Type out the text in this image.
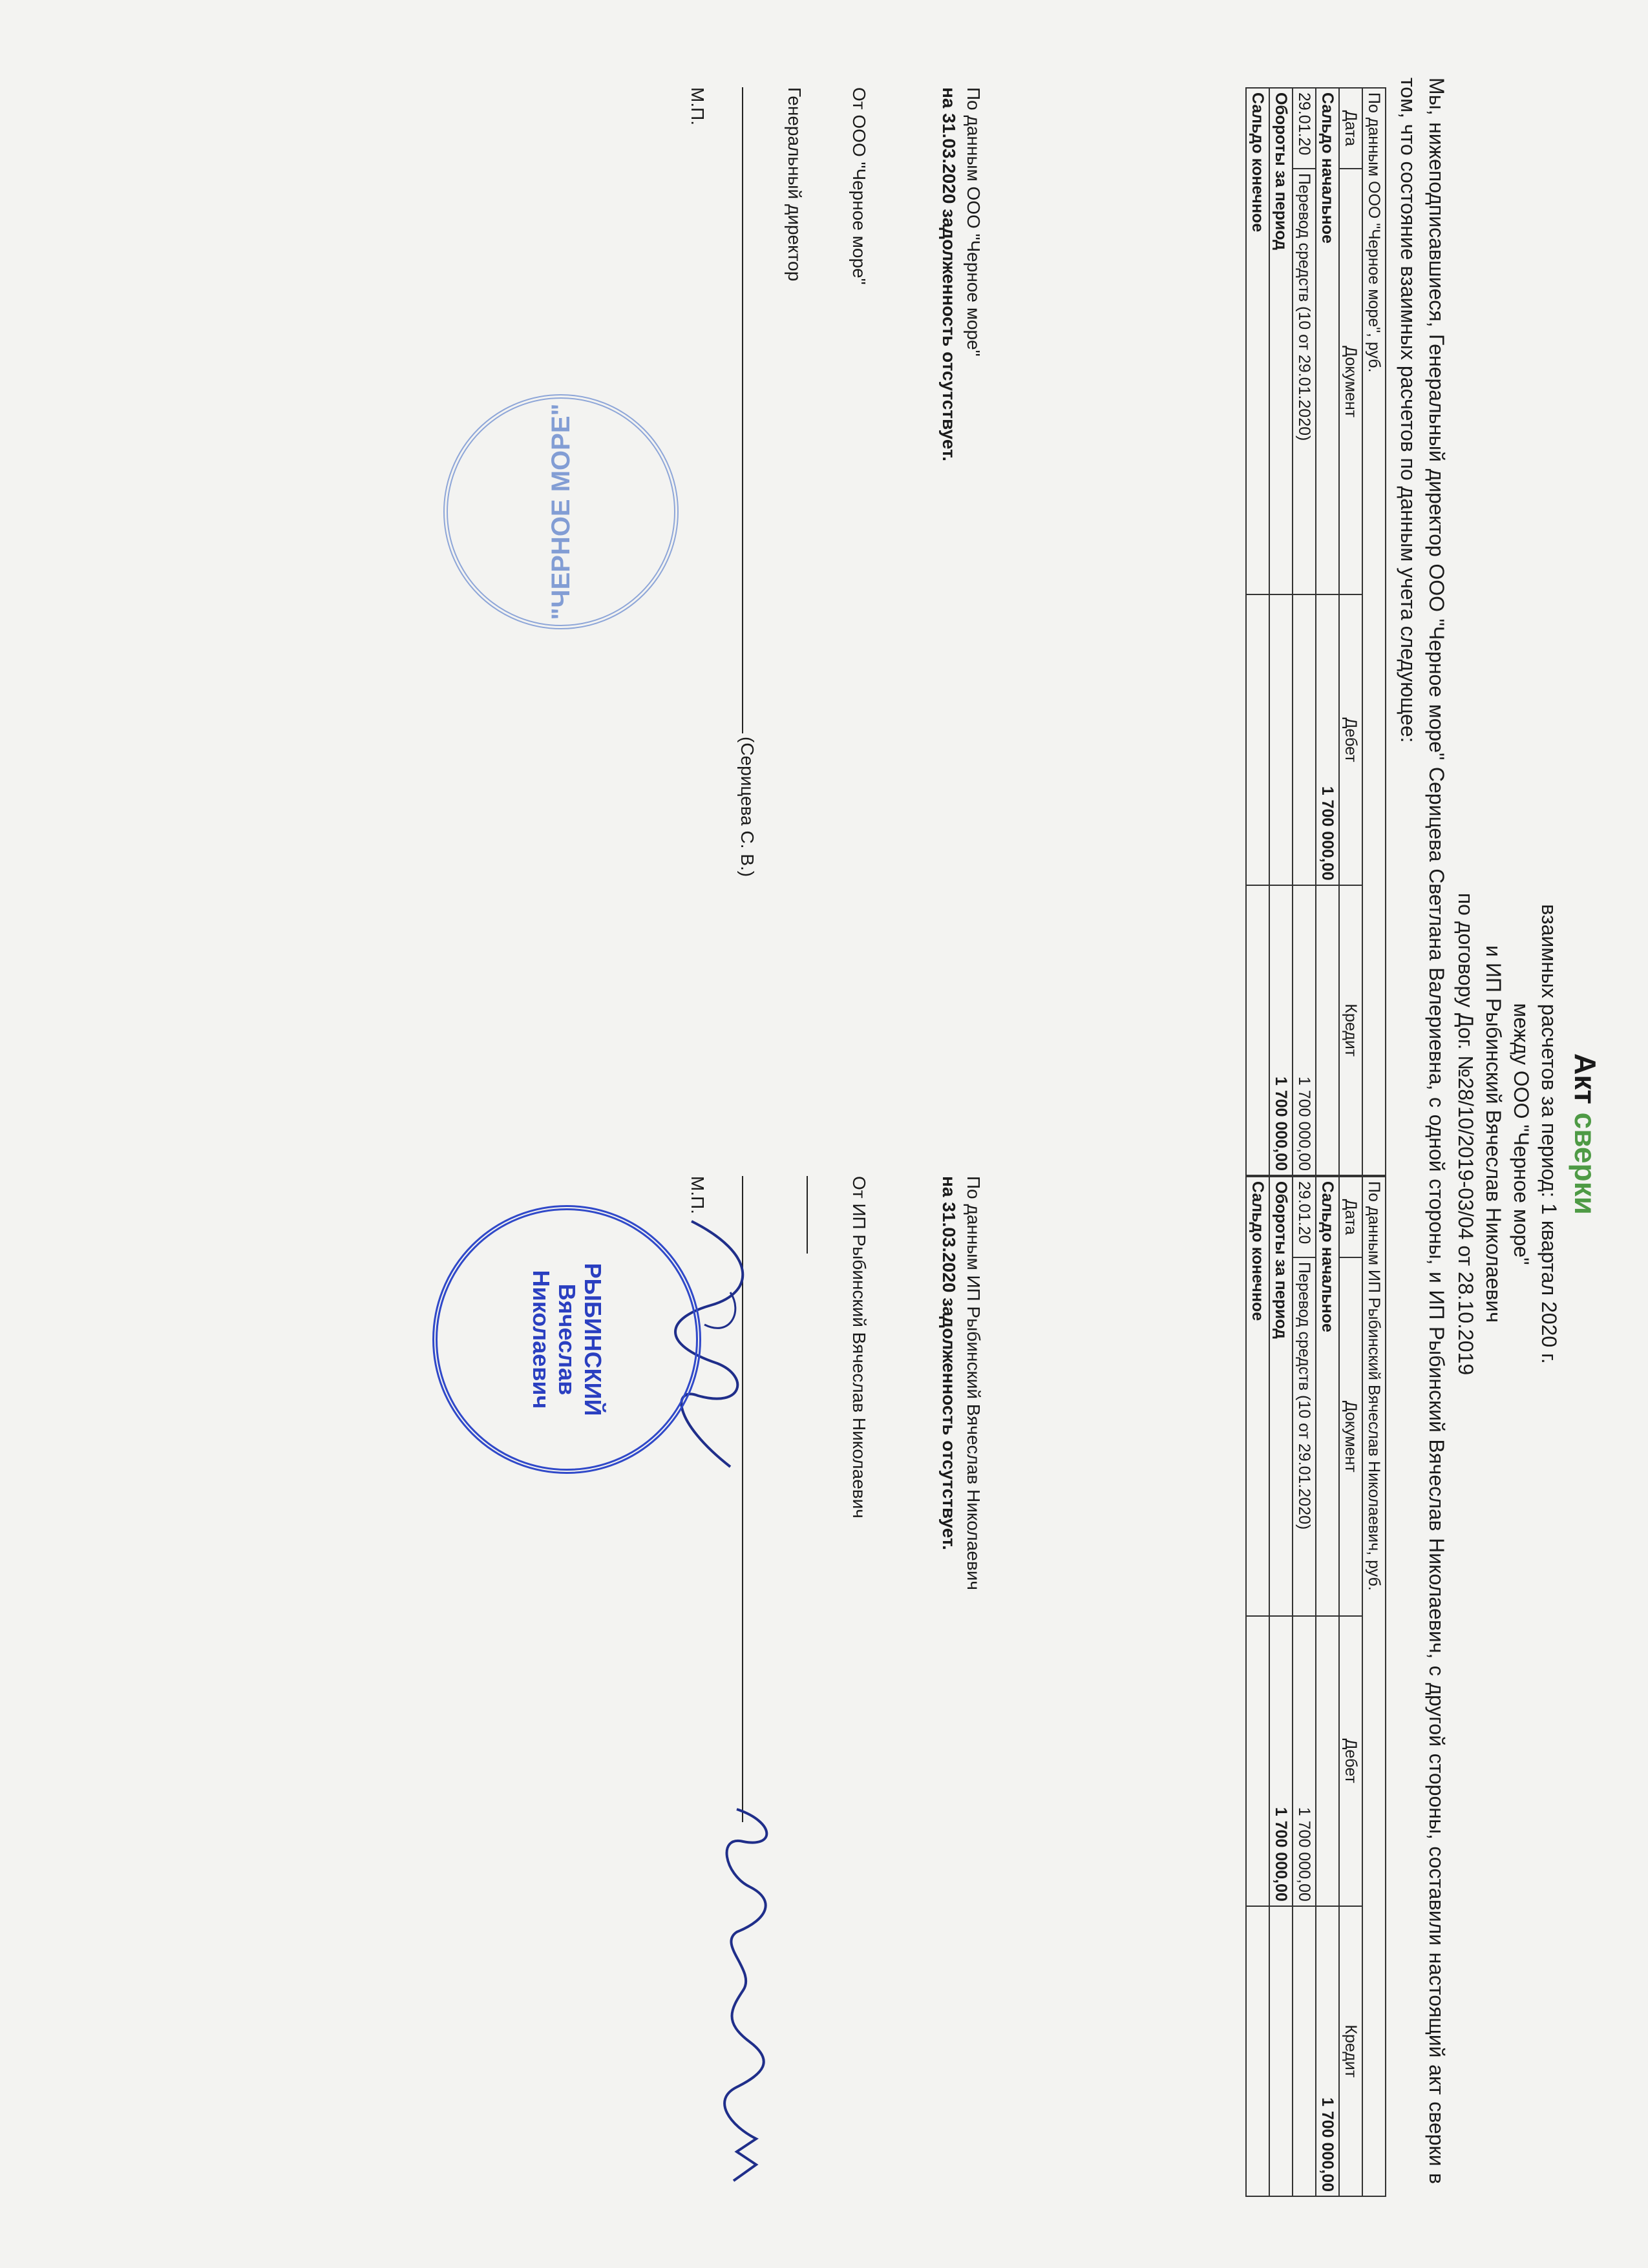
Акт сверки
взаимных расчетов за период: 1 квартал 2020 г.
между ООО "Черное море"
и ИП Рыбинский Вячеслав Николаевич
по договору Дог. №28/10/2019-03/04 от 28.10.2019
Мы, нижеподписавшиеся, Генеральный директор ООО "Черное море" Серицева Светлана Валериевна, с одной стороны, и ИП Рыбинский Вячеслав Николаевич, с другой стороны, составили настоящий акт сверки в том, что состояние взаимных расчетов по данным учета следующее:
По данным ООО "Черное море", руб.			
Дата	Документ	Дебет	Кредит
Сальдо начальное		1 700 000,00	
29.01.20	Перевод средств (10 от 29.01.2020)		1 700 000,00
Обороты за период			1 700 000,00
Сальдо конечное			
По данным ИП Рыбинский Вячеслав Николаевич, руб.			
Дата	Документ	Дебет	Кредит
Сальдо начальное			1 700 000,00
29.01.20	Перевод средств (10 от 29.01.2020)	1 700 000,00	
Обороты за период		1 700 000,00	
Сальдо конечное			
По данным ООО "Черное море"
на 31.03.2020 задолженность отсутствует.
По данным ИП Рыбинский Вячеслав Николаевич
на 31.03.2020 задолженность отсутствует.
От ООО "Черное море"
Генеральный директор
(Серицева С. В.)
М.П.
"ЧЕРНОЕ МОРЕ"
От ИП Рыбинский Вячеслав Николаевич
М.П.
РЫБИНСКИЙ
Вячеслав
Николаевич
